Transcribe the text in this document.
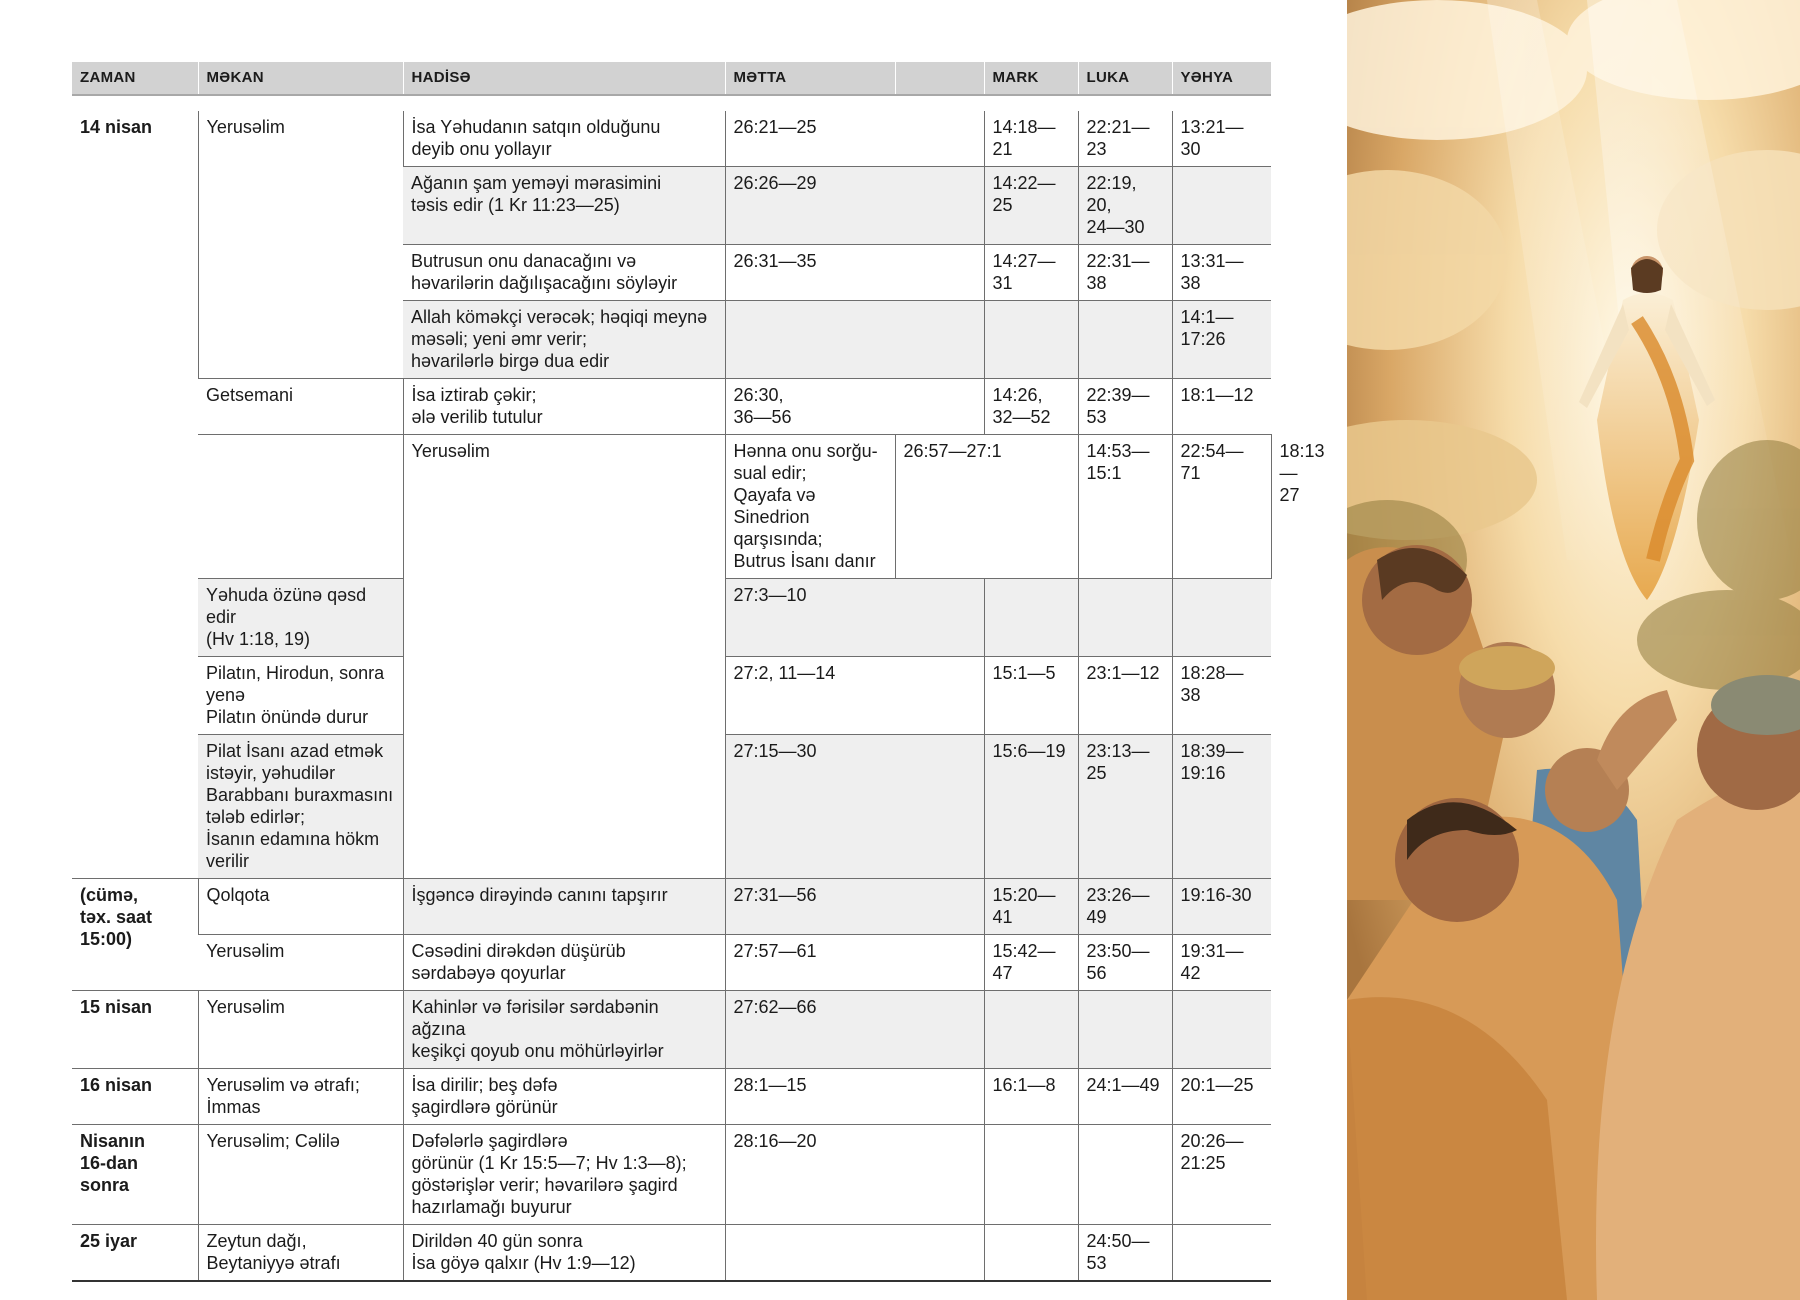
ZAMAN	MƏKAN	HADİSƏ	MƏTTA		MARK	LUKA	YƏHYA	

14 nisan	Yerusəlim	İsa Yəhudanın satqın olduğunu
deyib onu yollayır	26:21—25		14:18—21	22:21—23	13:21—30	
		Ağanın şam yeməyi mərasimini
təsis edir (1 Kr 11:23—25)	26:26—29		14:22—25	22:19, 20,
24—30		
		Butrusun onu danacağını və
həvarilərin dağılışacağını söyləyir	26:31—35		14:27—31	22:31—38	13:31—38	
		Allah köməkçi verəcək; həqiqi meynə
məsəli; yeni əmr verir;
həvarilərlə birgə dua edir					14:1—
17:26	
	Getsemani	İsa iztirab çəkir;
ələ verilib tutulur	26:30,
36—56		14:26,
32—52	22:39—53	18:1—12	
		Yerusəlim	Hənna onu sorğu-sual edir;
Qayafa və Sinedrion qarşısında;
Butrus İsanı danır	26:57—27:1		14:53—
15:1	22:54—71	18:13—27
	Yəhuda özünə qəsd edir
(Hv 1:18, 19)		27:3—10					
	Pilatın, Hirodun, sonra yenə
Pilatın önündə durur		27:2, 11—14		15:1—5	23:1—12	18:28—38	
	Pilat İsanı azad etmək istəyir, yəhudilər
Barabbanı buraxmasını tələb edirlər;
İsanın edamına hökm verilir		27:15—30		15:6—19	23:13—25	18:39—
19:16	
(cümə,
təx. saat
15:00)	Qolqota	İşgəncə dirəyində canını tapşırır	27:31—56		15:20—41	23:26—49	19:16-30	
	Yerusəlim	Cəsədini dirəkdən düşürüb
sərdabəyə qoyurlar	27:57—61		15:42—47	23:50—56	19:31—42	
15 nisan	Yerusəlim	Kahinlər və fərisilər sərdabənin ağzına
keşikçi qoyub onu möhürləyirlər	27:62—66					
16 nisan	Yerusəlim və ətrafı;
İmmas	İsa dirilir; beş dəfə
şagirdlərə görünür	28:1—15		16:1—8	24:1—49	20:1—25	
Nisanın
16-dan
sonra	Yerusəlim; Cəlilə	Dəfələrlə şagirdlərə
görünür (1 Kr 15:5—7; Hv 1:3—8);
göstərişlər verir; həvarilərə şagird
hazırlamağı buyurur	28:16—20				20:26—
21:25	
25 iyar	Zeytun dağı,
Beytaniyyə ətrafı	Dirildən 40 gün sonra
İsa göyə qalxır (Hv 1:9—12)				24:50—53		
